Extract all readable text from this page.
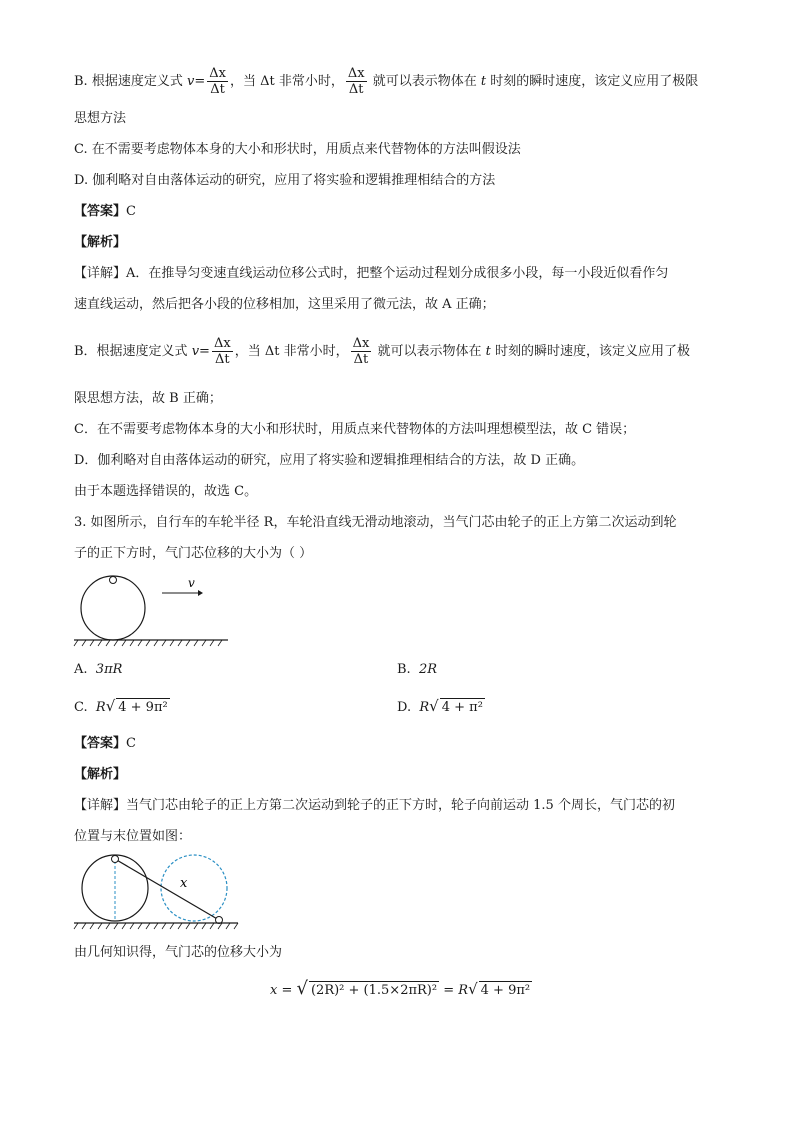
B. 根据速度定义式 $v= \frac{\Delta x}{\Delta t}$ ，当 Δt 非常小时， $\frac{\Delta x}{\Delta t}$ 就可以表示物体在 t 时刻的瞬时速度，该定义应用了极限
思想方法
C. 在不需要考虑物体本身的大小和形状时，用质点来代替物体的方法叫假设法
D. 伽利略对自由落体运动的研究，应用了将实验和逻辑推理相结合的方法
【答案】C
【解析】
【详解】A．在推导匀变速直线运动位移公式时，把整个运动过程划分成很多小段，每一小段近似看作匀
速直线运动，然后把各小段的位移相加，这里采用了微元法，故 A 正确；
B．根据速度定义式 $v= \frac{\Delta x}{\Delta t}$ ，当 Δt 非常小时， $\frac{\Delta x}{\Delta t}$ 就可以表示物体在 t 时刻的瞬时速度，该定义应用了极
限思想方法，故 B 正确；
C．在不需要考虑物体本身的大小和形状时，用质点来代替物体的方法叫理想模型法，故 C 错误；
D．伽利略对自由落体运动的研究，应用了将实验和逻辑推理相结合的方法，故 D 正确。
由于本题选择错误的，故选 C。
3. 如图所示，自行车的车轮半径 R，车轮沿直线无滑动地滚动，当气门芯由轮子的正上方第二次运动到轮
子的正下方时，气门芯位移的大小为（ ）
v
A. 3πR	B. 2R
C. R√ 4 + 9π²	D. R√ 4 + π²
【答案】C
【解析】
【详解】当气门芯由轮子的正上方第二次运动到轮子的正下方时，轮子向前运动 1.5 个周长，气门芯的初
位置与末位置如图：
x
由几何知识得，气门芯的位移大小为
x = √ (2R)² + (1.5×2πR)² = R√ 4 + 9π²
